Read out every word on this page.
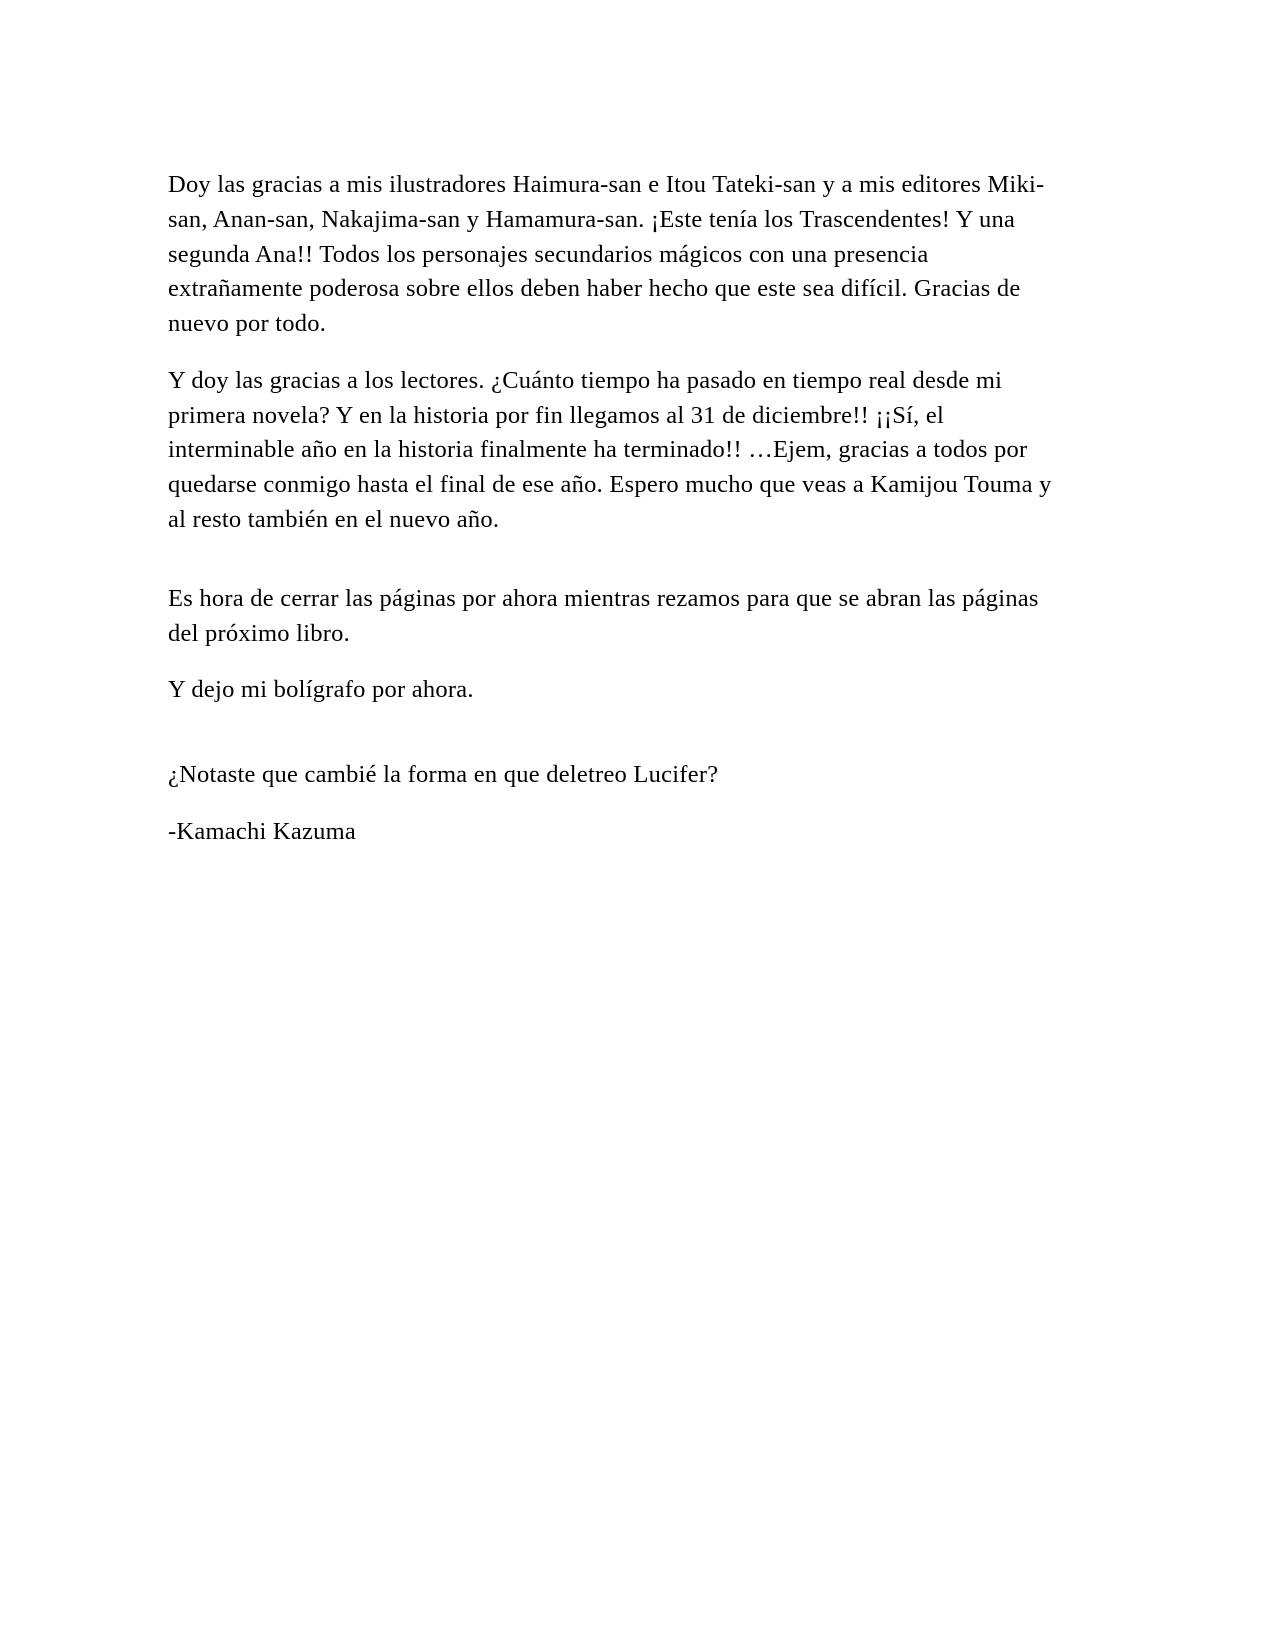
Doy las gracias a mis ilustradores Haimura-san e Itou Tateki-san y a mis editores Miki-san, Anan-san, Nakajima-san y Hamamura-san. ¡Este tenía los Trascendentes! Y una segunda Ana!! Todos los personajes secundarios mágicos con una presencia extrañamente poderosa sobre ellos deben haber hecho que este sea difícil. Gracias de nuevo por todo.

Y doy las gracias a los lectores. ¿Cuánto tiempo ha pasado en tiempo real desde mi primera novela? Y en la historia por fin llegamos al 31 de diciembre!! ¡¡Sí, el interminable año en la historia finalmente ha terminado!! …Ejem, gracias a todos por quedarse conmigo hasta el final de ese año. Espero mucho que veas a Kamijou Touma y al resto también en el nuevo año.

Es hora de cerrar las páginas por ahora mientras rezamos para que se abran las páginas del próximo libro.

Y dejo mi bolígrafo por ahora.

¿Notaste que cambié la forma en que deletreo Lucifer?

-Kamachi Kazuma
